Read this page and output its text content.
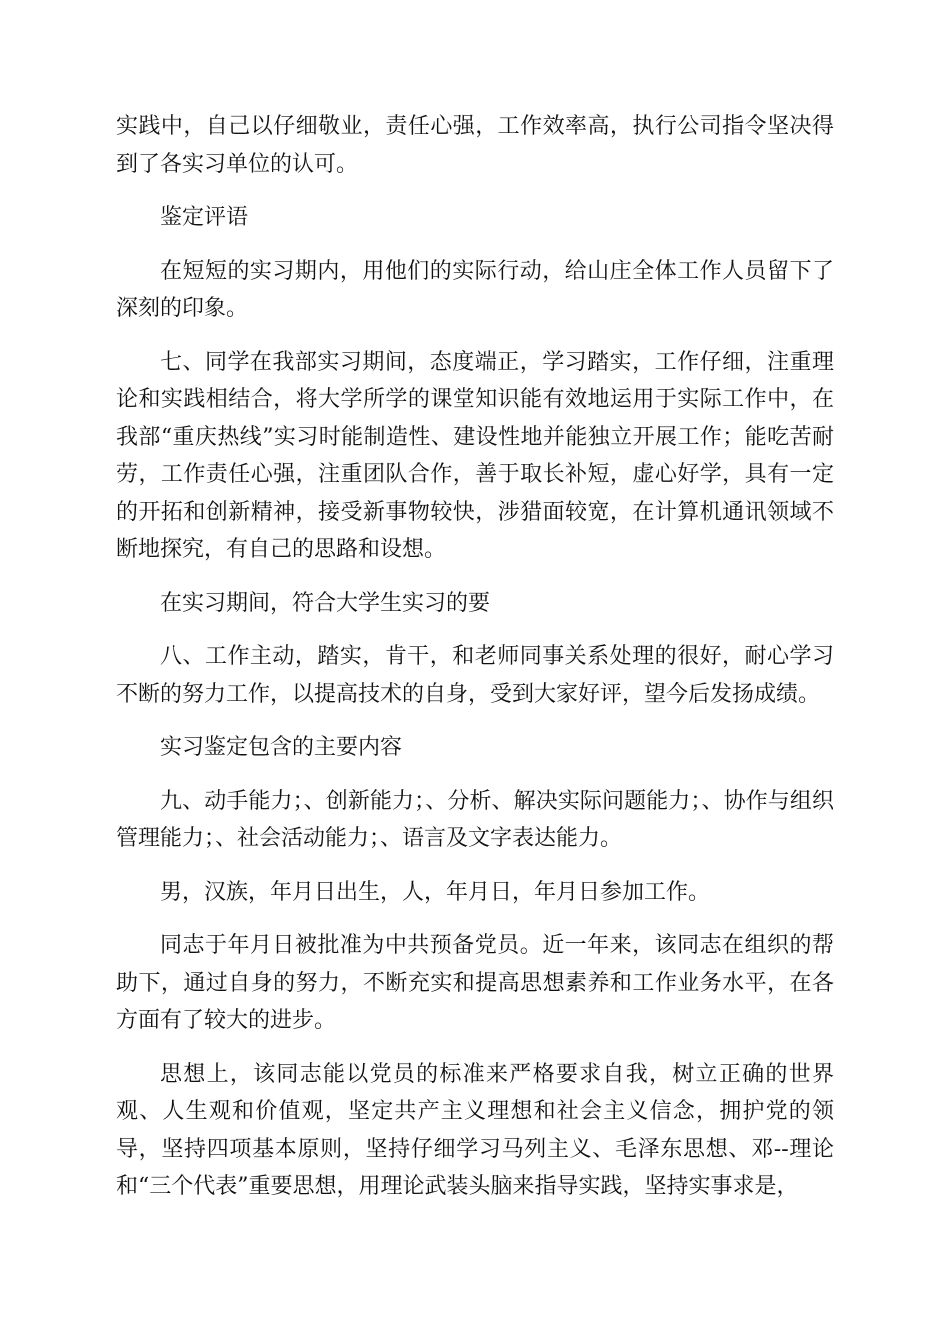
实践中，自己以仔细敬业，责任心强，工作效率高，执行公司指令坚决得到了各实习单位的认可。

鉴定评语

在短短的实习期内，用他们的实际行动，给山庄全体工作人员留下了深刻的印象。

七、同学在我部实习期间，态度端正，学习踏实，工作仔细，注重理论和实践相结合，将大学所学的课堂知识能有效地运用于实际工作中，在我部“重庆热线”实习时能制造性、建设性地并能独立开展工作；能吃苦耐劳，工作责任心强，注重团队合作，善于取长补短，虚心好学，具有一定的开拓和创新精神，接受新事物较快，涉猎面较宽，在计算机通讯领域不断地探究，有自己的思路和设想。

在实习期间，符合大学生实习的要

八、工作主动，踏实，肯干，和老师同事关系处理的很好，耐心学习不断的努力工作，以提高技术的自身，受到大家好评，望今后发扬成绩。

实习鉴定包含的主要内容

九、动手能力；、创新能力；、分析、解决实际问题能力；、协作与组织管理能力；、社会活动能力；、语言及文字表达能力。

男，汉族，年月日出生，人，年月日，年月日参加工作。

同志于年月日被批准为中共预备党员。近一年来，该同志在组织的帮助下，通过自身的努力，不断充实和提高思想素养和工作业务水平，在各方面有了较大的进步。

思想上，该同志能以党员的标准来严格要求自我，树立正确的世界观、人生观和价值观，坚定共产主义理想和社会主义信念，拥护党的领导，坚持四项基本原则，坚持仔细学习马列主义、毛泽东思想、邓--理论和“三个代表”重要思想，用理论武装头脑来指导实践，坚持实事求是，
